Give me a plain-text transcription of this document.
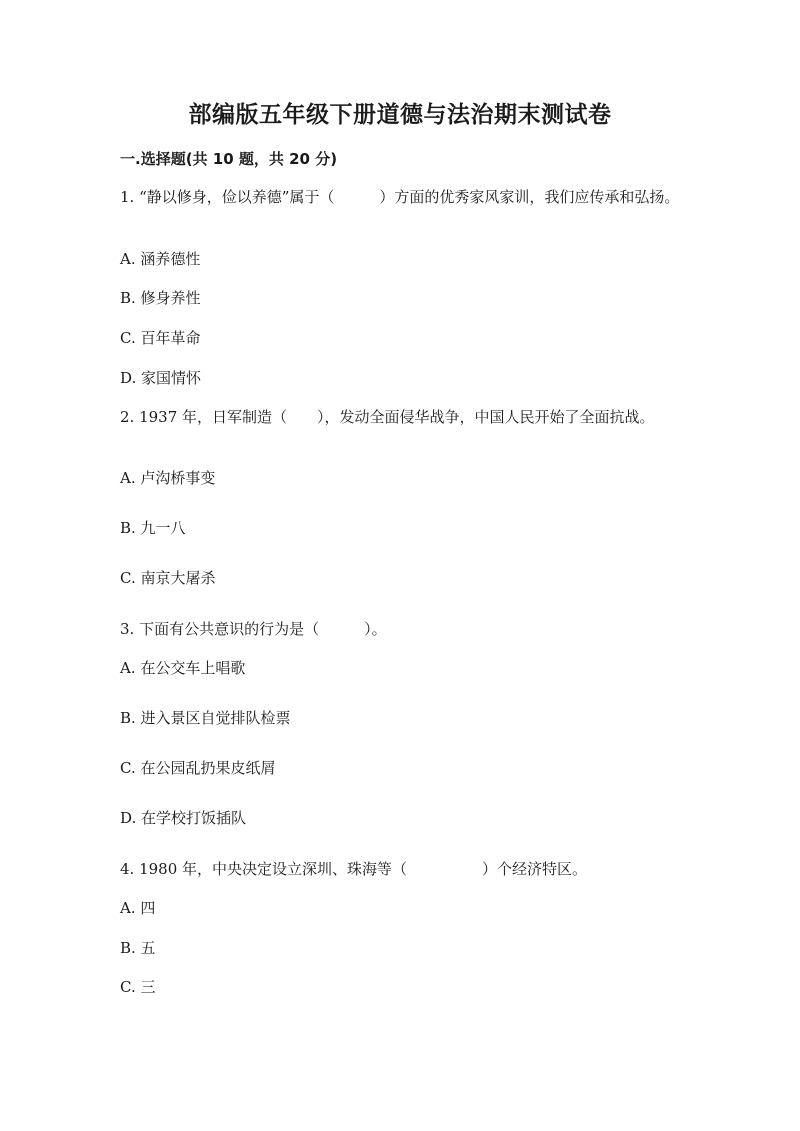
部编版五年级下册道德与法治期末测试卷
一.选择题(共 10 题，共 20 分)
1. “静以修身，俭以养德”属于（　　　）方面的优秀家风家训，我们应传承和弘扬。
A. 涵养德性
B. 修身养性
C. 百年革命
D. 家国情怀
2. 1937 年，日军制造（　　），发动全面侵华战争，中国人民开始了全面抗战。
A. 卢沟桥事变
B. 九一八
C. 南京大屠杀
3. 下面有公共意识的行为是（　　　）。
A. 在公交车上唱歌
B. 进入景区自觉排队检票
C. 在公园乱扔果皮纸屑
D. 在学校打饭插队
4. 1980 年，中央决定设立深圳、珠海等（　　　　　）个经济特区。
A. 四
B. 五
C. 三
